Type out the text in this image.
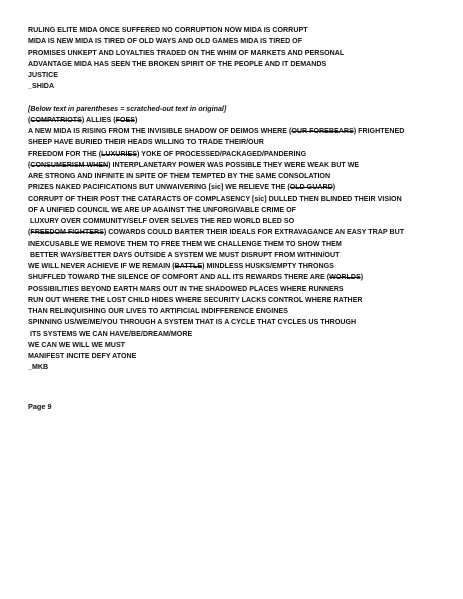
RULING ELITE MIDA ONCE SUFFERED NO CORRUPTION NOW MIDA IS CORRUPT
MIDA IS NEW MIDA IS TIRED OF OLD WAYS AND OLD GAMES MIDA IS TIRED OF
PROMISES UNKEPT AND LOYALTIES TRADED ON THE WHIM OF MARKETS AND PERSONAL
ADVANTAGE MIDA HAS SEEN THE BROKEN SPIRIT OF THE PEOPLE AND IT DEMANDS
JUSTICE
_SHIDA
[Below text in parentheses = scratched-out text in original]
(COMPATRIOTS) ALLIES (FOES)
A NEW MIDA IS RISING FROM THE INVISIBLE SHADOW OF DEIMOS WHERE (OUR FOREBEARS) FRIGHTENED
SHEEP HAVE BURIED THEIR HEADS WILLING TO TRADE THEIR/OUR
FREEDOM FOR THE (LUXURIES) YOKE OF PROCESSED/PACKAGED/PANDERING
(CONSUMERISM WHEN) INTERPLANETARY POWER WAS POSSIBLE THEY WERE WEAK BUT WE
ARE STRONG AND INFINITE IN SPITE OF THEM TEMPTED BY THE SAME CONSOLATION
PRIZES NAKED PACIFICATIONS BUT UNWAIVERING [sic] WE RELIEVE THE (OLD GUARD)
CORRUPT OF THEIR POST THE CATARACTS OF COMPLASENCY [sic] DULLED THEN BLINDED THEIR VISION
OF A UNIFIED COUNCIL WE ARE UP AGAINST THE UNFORGIVABLE CRIME OF
LUXURY OVER COMMUNITY/SELF OVER SELVES THE RED WORLD BLED SO
(FREEDOM FIGHTERS) COWARDS COULD BARTER THEIR IDEALS FOR EXTRAVAGANCE AN EASY TRAP BUT
INEXCUSABLE WE REMOVE THEM TO FREE THEM WE CHALLENGE THEM TO SHOW THEM
BETTER WAYS/BETTER DAYS OUTSIDE A SYSTEM WE MUST DISRUPT FROM WITHIN/OUT
WE WILL NEVER ACHIEVE IF WE REMAIN (BATTLE) MINDLESS HUSKS/EMPTY THRONGS
SHUFFLED TOWARD THE SILENCE OF COMFORT AND ALL ITS REWARDS THERE ARE (WORLDS)
POSSIBILITIES BEYOND EARTH MARS OUT IN THE SHADOWED PLACES WHERE RUNNERS
RUN OUT WHERE THE LOST CHILD HIDES WHERE SECURITY LACKS CONTROL WHERE RATHER
THAN RELINQUISHING OUR LIVES TO ARTIFICIAL INDIFFERENCE ENGINES
SPINNING US/WE/ME/YOU THROUGH A SYSTEM THAT IS A CYCLE THAT CYCLES US THROUGH
ITS SYSTEMS WE CAN HAVE/BE/DREAM/MORE
WE CAN WE WILL WE MUST
MANIFEST INCITE DEFY ATONE
_MKB
Page 9
